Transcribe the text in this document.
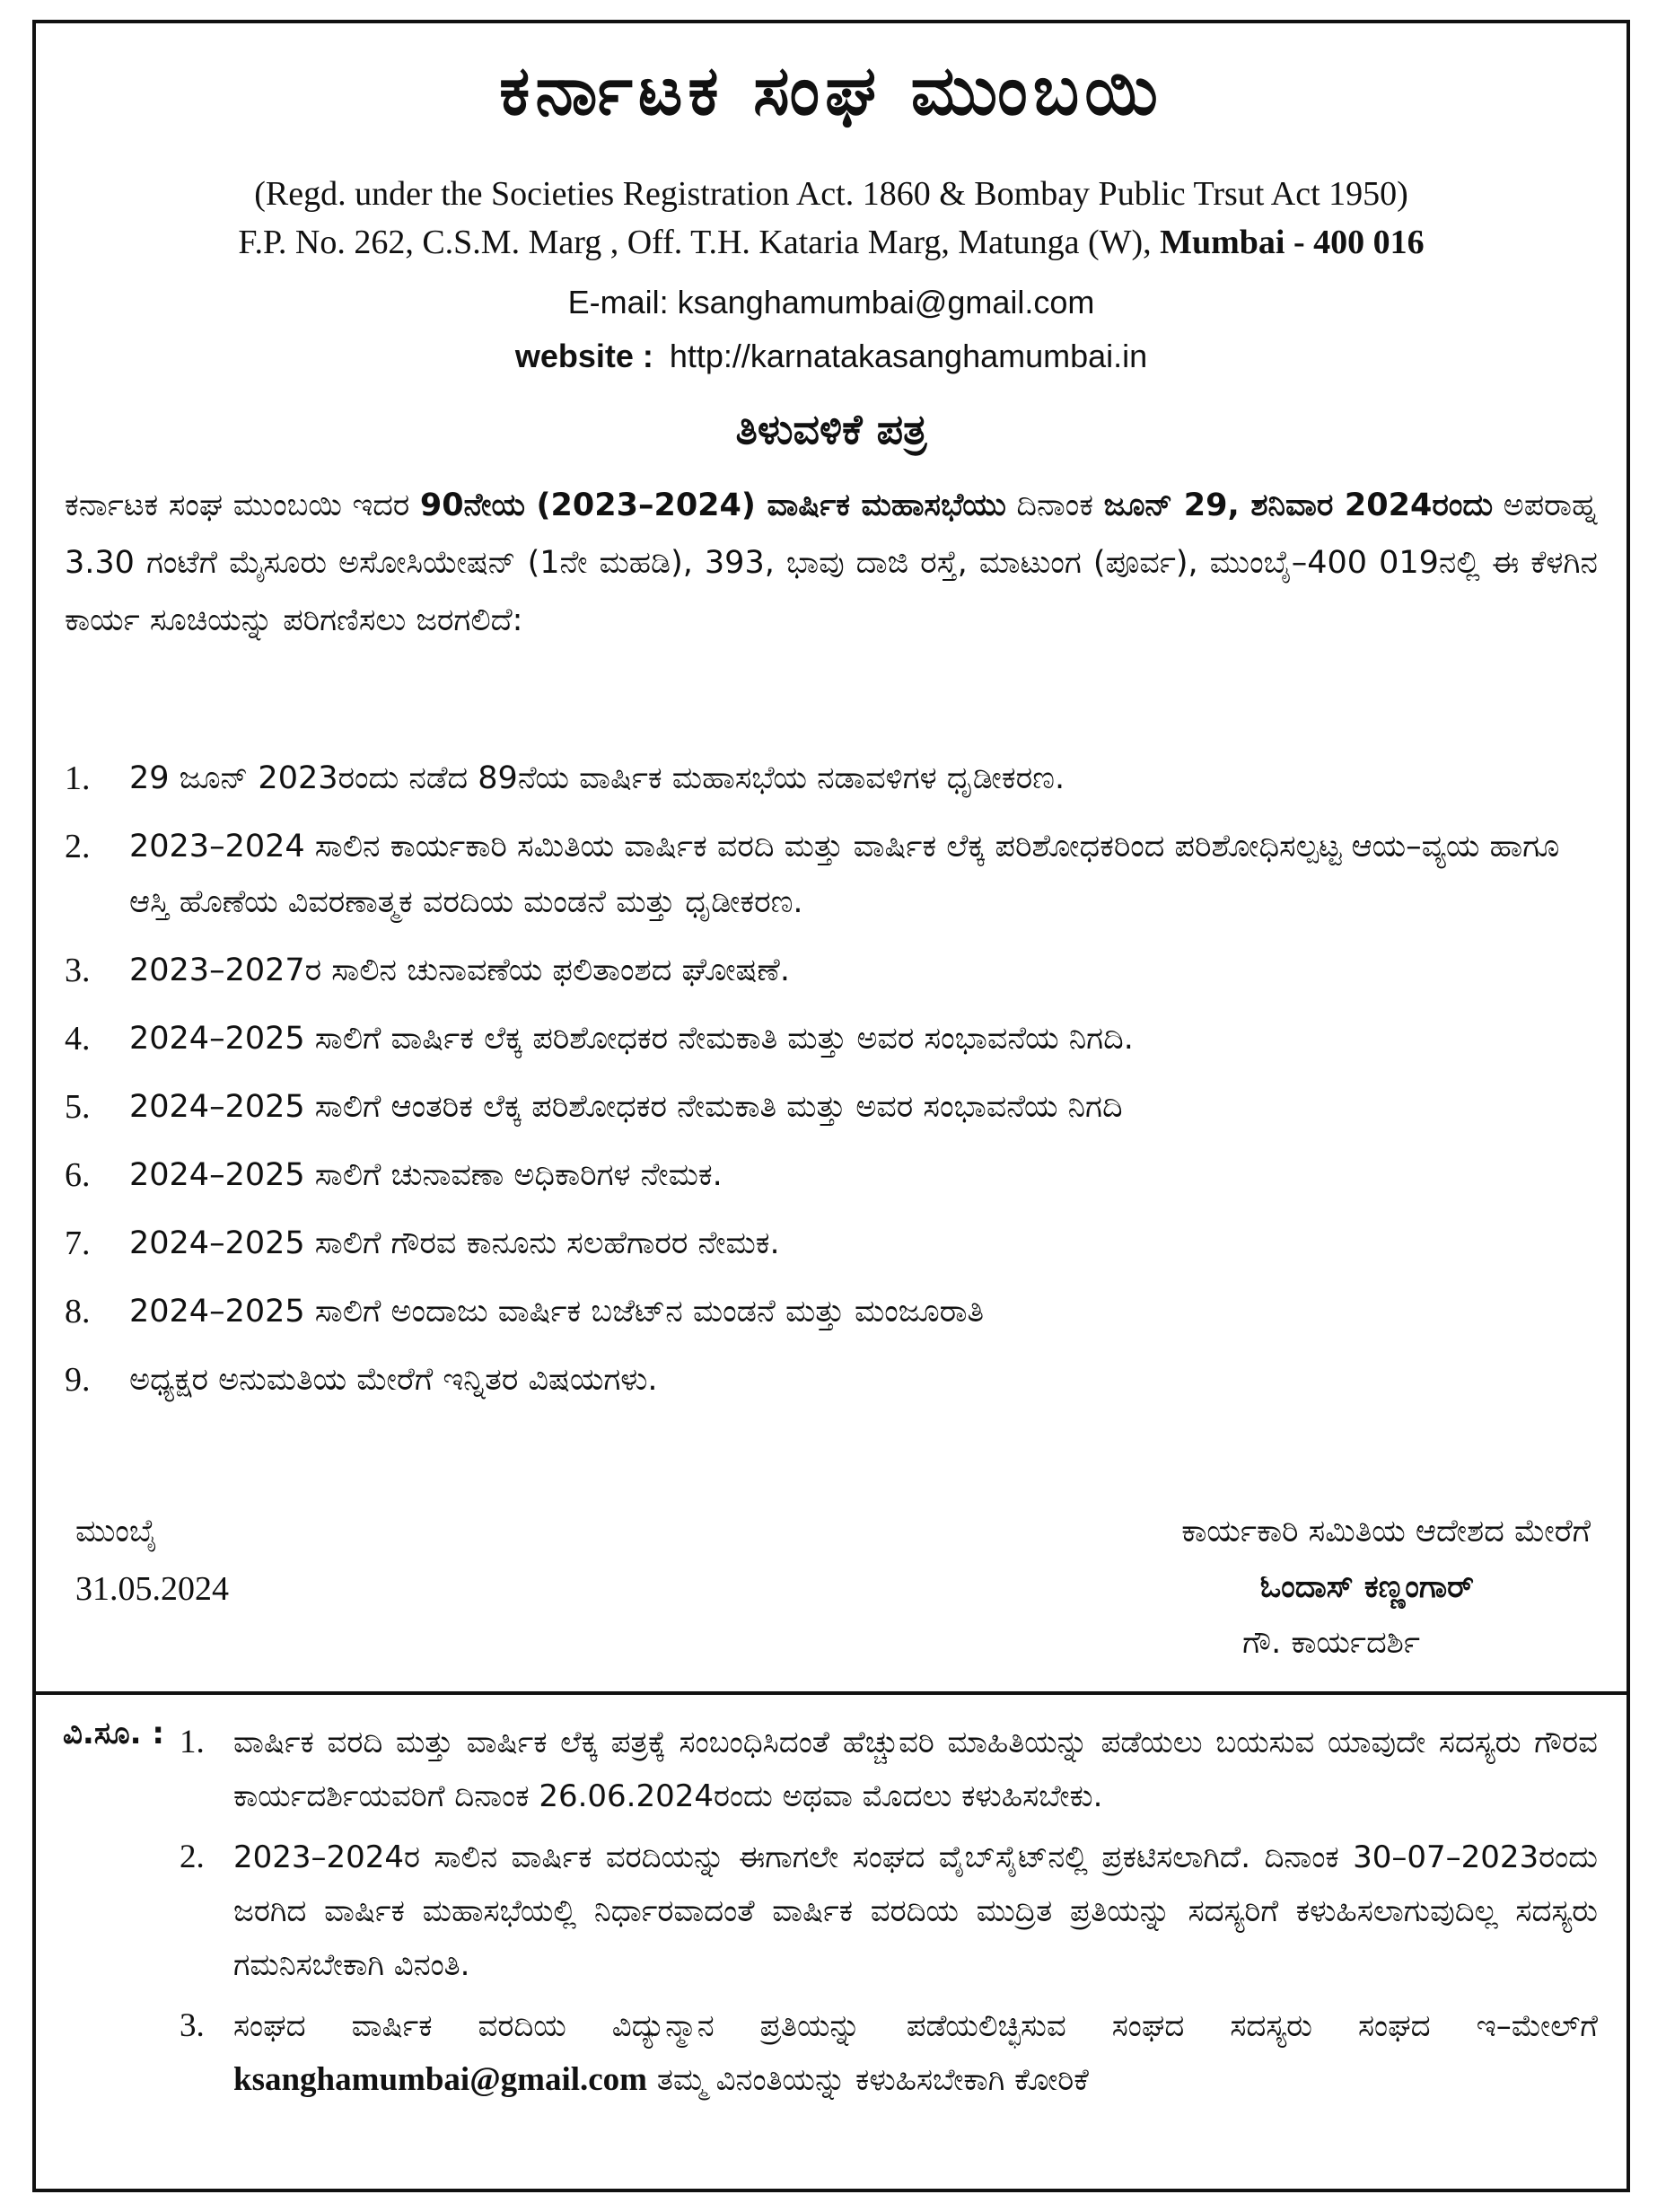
ಕರ್ನಾಟಕ ಸಂಘ ಮುಂಬಯಿ
(Regd. under the Societies Registration Act. 1860 & Bombay Public Trsut Act 1950)
F.P. No. 262, C.S.M. Marg , Off. T.H. Kataria Marg, Matunga (W), Mumbai - 400 016
E-mail: ksanghamumbai@gmail.com
website : http://karnatakasanghamumbai.in
ತಿಳುವಳಿಕೆ ಪತ್ರ
ಕರ್ನಾಟಕ ಸಂಘ ಮುಂಬಯಿ ಇದರ 90ನೇಯ (2023–2024) ವಾರ್ಷಿಕ ಮಹಾಸಭೆಯು ದಿನಾಂಕ ಜೂನ್ 29, ಶನಿವಾರ 2024ರಂದು ಅಪರಾಹ್ನ 3.30 ಗಂಟೆಗೆ ಮೈಸೂರು ಅಸೋಸಿಯೇಷನ್ (1ನೇ ಮಹಡಿ), 393, ಭಾವು ದಾಜಿ ರಸ್ತೆ, ಮಾಟುಂಗ (ಪೂರ್ವ), ಮುಂಬೈ–400 019ನಲ್ಲಿ ಈ ಕೆಳಗಿನ ಕಾರ್ಯ ಸೂಚಿಯನ್ನು ಪರಿಗಣಿಸಲು ಜರಗಲಿದೆ:
1. 29 ಜೂನ್ 2023ರಂದು ನಡೆದ 89ನೆಯ ವಾರ್ಷಿಕ ಮಹಾಸಭೆಯ ನಡಾವಳಿಗಳ ಧೃಡೀಕರಣ.
2. 2023–2024 ಸಾಲಿನ ಕಾರ್ಯಕಾರಿ ಸಮಿತಿಯ ವಾರ್ಷಿಕ ವರದಿ ಮತ್ತು ವಾರ್ಷಿಕ ಲೆಕ್ಕ ಪರಿಶೋಧಕರಿಂದ ಪರಿಶೋಧಿಸಲ್ಪಟ್ಟ ಆಯ–ವ್ಯಯ ಹಾಗೂ ಆಸ್ತಿ ಹೊಣೆಯ ವಿವರಣಾತ್ಮಕ ವರದಿಯ ಮಂಡನೆ ಮತ್ತು ಧೃಡೀಕರಣ.
3. 2023–2027ರ ಸಾಲಿನ ಚುನಾವಣೆಯ ಫಲಿತಾಂಶದ ಘೋಷಣೆ.
4. 2024–2025 ಸಾಲಿಗೆ ವಾರ್ಷಿಕ ಲೆಕ್ಕ ಪರಿಶೋಧಕರ ನೇಮಕಾತಿ ಮತ್ತು ಅವರ ಸಂಭಾವನೆಯ ನಿಗದಿ.
5. 2024–2025 ಸಾಲಿಗೆ ಆಂತರಿಕ ಲೆಕ್ಕ ಪರಿಶೋಧಕರ ನೇಮಕಾತಿ ಮತ್ತು ಅವರ ಸಂಭಾವನೆಯ ನಿಗದಿ
6. 2024–2025 ಸಾಲಿಗೆ ಚುನಾವಣಾ ಅಧಿಕಾರಿಗಳ ನೇಮಕ.
7. 2024–2025 ಸಾಲಿಗೆ ಗೌರವ ಕಾನೂನು ಸಲಹೆಗಾರರ ನೇಮಕ.
8. 2024–2025 ಸಾಲಿಗೆ ಅಂದಾಜು ವಾರ್ಷಿಕ ಬಜೆಟ್‌ನ ಮಂಡನೆ ಮತ್ತು ಮಂಜೂರಾತಿ
9. ಅಧ್ಯಕ್ಷರ ಅನುಮತಿಯ ಮೇರೆಗೆ ಇನ್ನಿತರ ವಿಷಯಗಳು.
ಮುಂಬೈ
31.05.2024
ಕಾರ್ಯಕಾರಿ ಸಮಿತಿಯ ಆದೇಶದ ಮೇರೆಗೆ
ಓಂದಾಸ್ ಕಣ್ಣಂಗಾರ್
ಗೌ. ಕಾರ್ಯದರ್ಶಿ
ವಿ.ಸೂ. : 1. ವಾರ್ಷಿಕ ವರದಿ ಮತ್ತು ವಾರ್ಷಿಕ ಲೆಕ್ಕ ಪತ್ರಕ್ಕೆ ಸಂಬಂಧಿಸಿದಂತೆ ಹೆಚ್ಚುವರಿ ಮಾಹಿತಿಯನ್ನು ಪಡೆಯಲು ಬಯಸುವ ಯಾವುದೇ ಸದಸ್ಯರು ಗೌರವ ಕಾರ್ಯದರ್ಶಿಯವರಿಗೆ ದಿನಾಂಕ 26.06.2024ರಂದು ಅಥವಾ ಮೊದಲು ಕಳುಹಿಸಬೇಕು.
2. 2023–2024ರ ಸಾಲಿನ ವಾರ್ಷಿಕ ವರದಿಯನ್ನು ಈಗಾಗಲೇ ಸಂಘದ ವೈಬ್‌ಸೈಟ್‌ನಲ್ಲಿ ಪ್ರಕಟಿಸಲಾಗಿದೆ. ದಿನಾಂಕ 30–07–2023ರಂದು ಜರಗಿದ ವಾರ್ಷಿಕ ಮಹಾಸಭೆಯಲ್ಲಿ ನಿರ್ಧಾರವಾದಂತೆ ವಾರ್ಷಿಕ ವರದಿಯ ಮುದ್ರಿತ ಪ್ರತಿಯನ್ನು ಸದಸ್ಯರಿಗೆ ಕಳುಹಿಸಲಾಗುವುದಿಲ್ಲ ಸದಸ್ಯರು ಗಮನಿಸಬೇಕಾಗಿ ವಿನಂತಿ.
3. ಸಂಘದ ವಾರ್ಷಿಕ ವರದಿಯ ವಿದ್ಯುನ್ಮಾನ ಪ್ರತಿಯನ್ನು ಪಡೆಯಲಿಚ್ಛಿಸುವ ಸಂಘದ ಸದಸ್ಯರು ಸಂಘದ ಇ–ಮೇಲ್‌ಗೆ ksanghamumbai@gmail.com ತಮ್ಮ ವಿನಂತಿಯನ್ನು ಕಳುಹಿಸಬೇಕಾಗಿ ಕೋರಿಕೆ
